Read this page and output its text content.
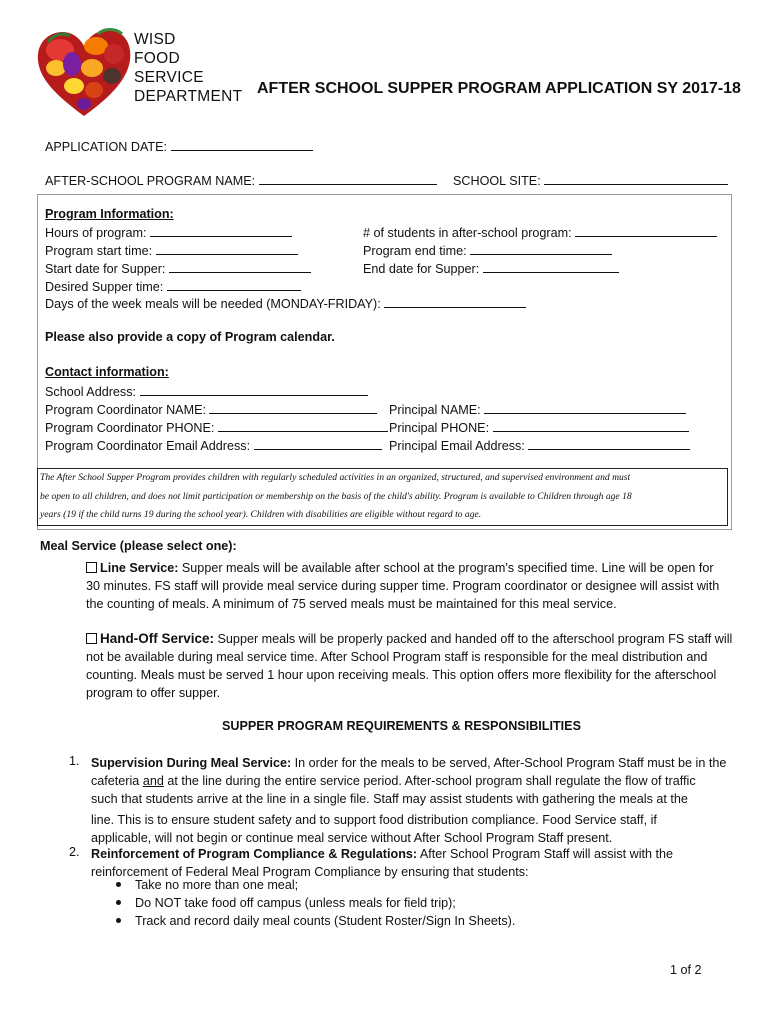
WISD
FOOD
SERVICE
DEPARTMENT AFTER SCHOOL SUPPER PROGRAM APPLICATION SY 2017-18
APPLICATION DATE:
AFTER-SCHOOL PROGRAM NAME:	SCHOOL SITE:
Program Information:
Hours of program:	# of students in after-school program:
Program start time:	Program end time:
Start date for Supper:	End date for Supper:
Desired Supper time:
Days of the week meals will be needed (MONDAY-FRIDAY):
Please also provide a copy of Program calendar.
Contact information:
School Address:
Program Coordinator NAME:	Principal NAME:
Program Coordinator PHONE:	Principal PHONE:
Program Coordinator Email Address:	Principal Email Address:
The After School Supper Program provides children with regularly scheduled activities in an organized, structured, and supervised environment and must
be open to all children, and does not limit participation or membership on the basis of the child's ability. Program is available to Children through age 18
years (19 if the child turns 19 during the school year). Children with disabilities are eligible without regard to age.
Meal Service (please select one):
Line Service: Supper meals will be available after school at the program's specified time. Line will be open for
30 minutes. FS staff will provide meal service during supper time. Program coordinator or designee will assist with
the counting of meals. A minimum of 75 served meals must be maintained for this meal service.
Hand-Off Service: Supper meals will be properly packed and handed off to the afterschool program FS staff will
not be available during meal service time. After School Program staff is responsible for the meal distribution and
counting. Meals must be served 1 hour upon receiving meals. This option offers more flexibility for the afterschool
program to offer supper.
SUPPER PROGRAM REQUIREMENTS & RESPONSIBILITIES
1. Supervision During Meal Service: In order for the meals to be served, After-School Program Staff must be in the
cafeteria and at the line during the entire service period. After-school program shall regulate the flow of traffic
such that students arrive at the line in a single file. Staff may assist students with gathering the meals at the
line. This is to ensure student safety and to support food distribution compliance. Food Service staff, if
applicable, will not begin or continue meal service without After School Program Staff present.
2. Reinforcement of Program Compliance & Regulations: After School Program Staff will assist with the
reinforcement of Federal Meal Program Compliance by ensuring that students:
Take no more than one meal;
Do NOT take food off campus (unless meals for field trip);
Track and record daily meal counts (Student Roster/Sign In Sheets).
1 of 2
